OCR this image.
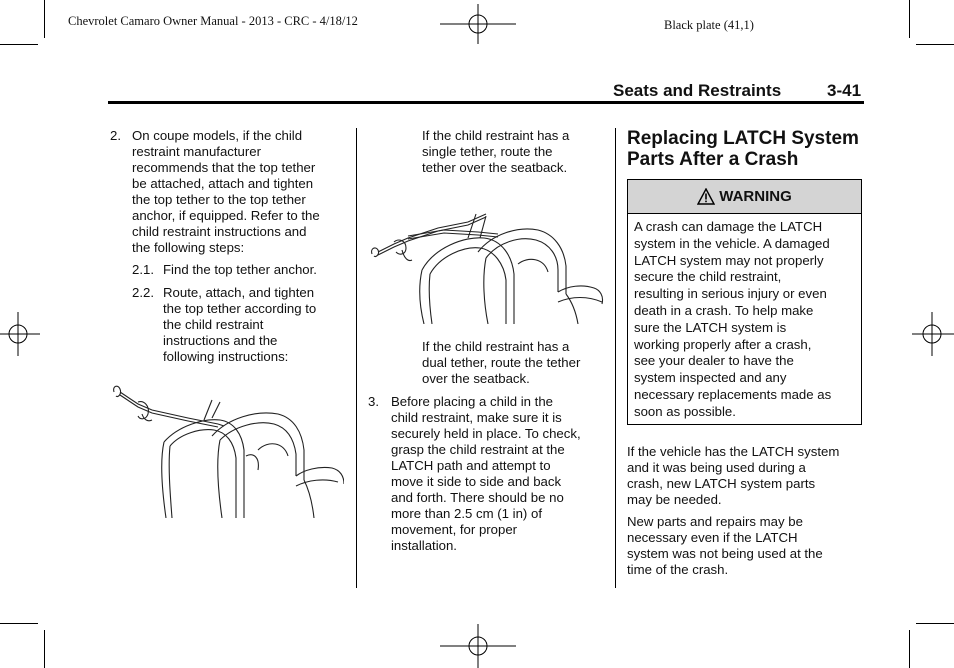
Chevrolet Camaro Owner Manual - 2013 - CRC - 4/18/12	Black plate (41,1)
Seats and Restraints	3-41
2. On coupe models, if the child
restraint manufacturer
recommends that the top tether
be attached, attach and tighten
the top tether to the top tether
anchor, if equipped. Refer to the
child restraint instructions and
the following steps:
2.1. Find the top tether anchor.
2.2. Route, attach, and tighten
the top tether according to
the child restraint
instructions and the
following instructions:
If the child restraint has a
single tether, route the
tether over the seatback.
If the child restraint has a
dual tether, route the tether
over the seatback.
3. Before placing a child in the
child restraint, make sure it is
securely held in place. To check,
grasp the child restraint at the
LATCH path and attempt to
move it side to side and back
and forth. There should be no
more than 2.5 cm (1 in) of
movement, for proper
installation.
Replacing LATCH System
Parts After a Crash
WARNING
A crash can damage the LATCH
system in the vehicle. A damaged
LATCH system may not properly
secure the child restraint,
resulting in serious injury or even
death in a crash. To help make
sure the LATCH system is
working properly after a crash,
see your dealer to have the
system inspected and any
necessary replacements made as
soon as possible.
If the vehicle has the LATCH system
and it was being used during a
crash, new LATCH system parts
may be needed.
New parts and repairs may be
necessary even if the LATCH
system was not being used at the
time of the crash.
